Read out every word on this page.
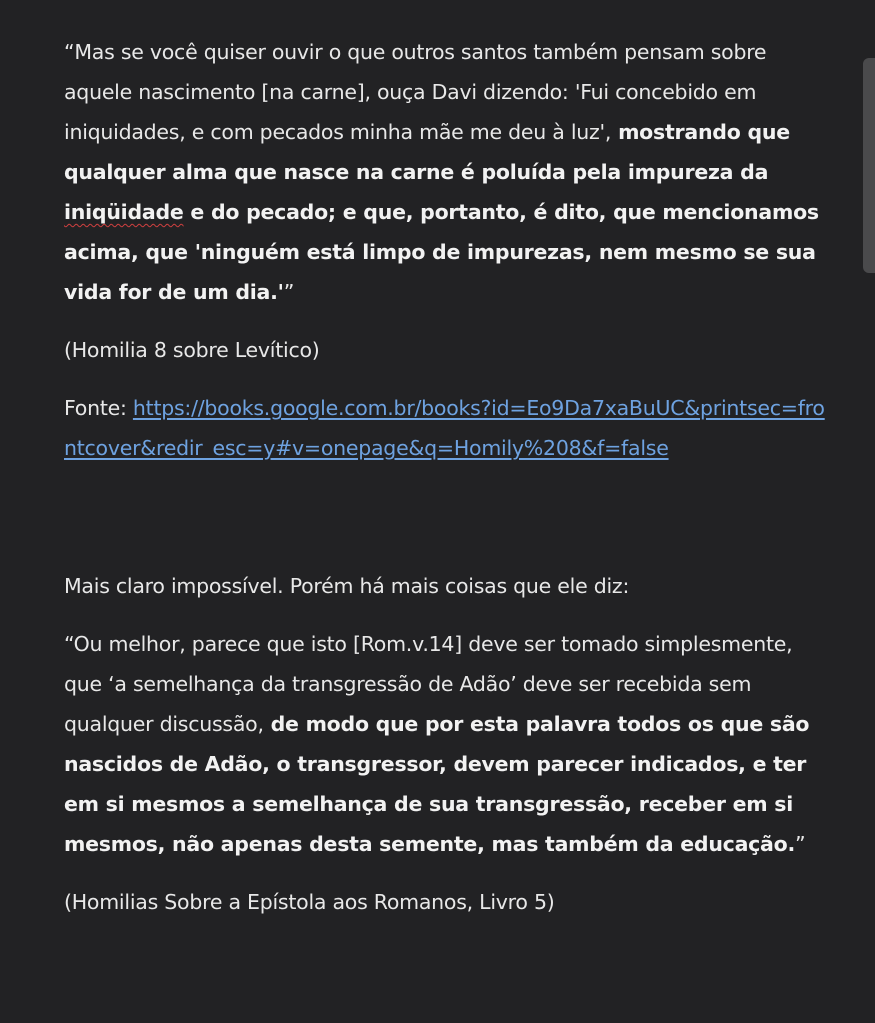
“Mas se você quiser ouvir o que outros santos também pensam sobre aquele nascimento [na carne], ouça Davi dizendo: 'Fui concebido em iniquidades, e com pecados minha mãe me deu à luz', mostrando que qualquer alma que nasce na carne é poluída pela impureza da iniqüidade e do pecado; e que, portanto, é dito, que mencionamos acima, que 'ninguém está limpo de impurezas, nem mesmo se sua vida for de um dia.'”

(Homilia 8 sobre Levítico)

Fonte: https://books.google.com.br/books?id=Eo9Da7xaBuUC&printsec=frontcover&redir_esc=y#v=onepage&q=Homily%208&f=false

Mais claro impossível. Porém há mais coisas que ele diz:

“Ou melhor, parece que isto [Rom.v.14] deve ser tomado simplesmente, que ‘a semelhança da transgressão de Adão’ deve ser recebida sem qualquer discussão, de modo que por esta palavra todos os que são nascidos de Adão, o transgressor, devem parecer indicados, e ter em si mesmos a semelhança de sua transgressão, receber em si mesmos, não apenas desta semente, mas também da educação.”

(Homilias Sobre a Epístola aos Romanos, Livro 5)
